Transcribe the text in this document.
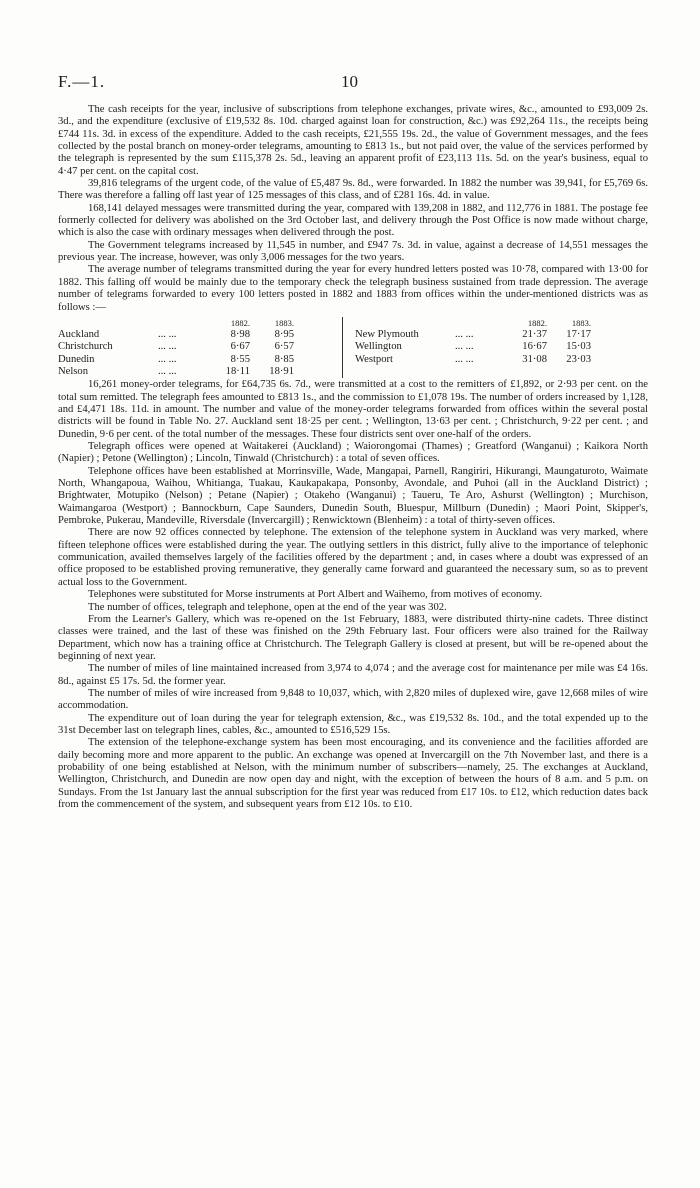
F.—1.	10

The cash receipts for the year, inclusive of subscriptions from telephone exchanges, private wires, &c., amounted to £93,009 2s. 3d., and the expenditure (exclusive of £19,532 8s. 10d. charged against loan for construction, &c.) was £92,264 11s., the receipts being £744 11s. 3d. in excess of the expenditure. Added to the cash receipts, £21,555 19s. 2d., the value of Government messages, and the fees collected by the postal branch on money-order telegrams, amounting to £813 1s., but not paid over, the value of the services performed by the telegraph is represented by the sum £115,378 2s. 5d., leaving an apparent profit of £23,113 11s. 5d. on the year's business, equal to 4·47 per cent. on the capital cost.

39,816 telegrams of the urgent code, of the value of £5,487 9s. 8d., were forwarded. In 1882 the number was 39,941, for £5,769 6s. There was therefore a falling off last year of 125 messages of this class, and of £281 16s. 4d. in value.

168,141 delayed messages were transmitted during the year, compared with 139,208 in 1882, and 112,776 in 1881. The postage fee formerly collected for delivery was abolished on the 3rd October last, and delivery through the Post Office is now made without charge, which is also the case with ordinary messages when delivered through the post.

The Government telegrams increased by 11,545 in number, and £947 7s. 3d. in value, against a decrease of 14,551 messages the previous year. The increase, however, was only 3,006 messages for the two years.

The average number of telegrams transmitted during the year for every hundred letters posted was 10·78, compared with 13·00 for 1882. This falling off would be mainly due to the temporary check the telegraph business sustained from trade depression. The average number of telegrams forwarded to every 100 letters posted in 1882 and 1883 from offices within the under-mentioned districts was as follows :—

1882.	1883.
Auckland	... ...	8·98	8·95
Christchurch	... ...	6·67	6·57
Dunedin	... ...	8·55	8·85
Nelson	... ...	18·11	18·91
1882.	1883.
New Plymouth	... ...	21·37	17·17
Wellington	... ...	16·67	15·03
Westport	... ...	31·08	23·03

16,261 money-order telegrams, for £64,735 6s. 7d., were transmitted at a cost to the remitters of £1,892, or 2·93 per cent. on the total sum remitted. The telegraph fees amounted to £813 1s., and the commission to £1,078 19s. The number of orders increased by 1,128, and £4,471 18s. 11d. in amount. The number and value of the money-order telegrams forwarded from offices within the several postal districts will be found in Table No. 27. Auckland sent 18·25 per cent. ; Wellington, 13·63 per cent. ; Christchurch, 9·22 per cent. ; and Dunedin, 9·6 per cent. of the total number of the messages. These four districts sent over one-half of the orders.

Telegraph offices were opened at Waitakerei (Auckland) ; Waiorongomai (Thames) ; Greatford (Wanganui) ; Kaikora North (Napier) ; Petone (Wellington) ; Lincoln, Tinwald (Christchurch) : a total of seven offices.

Telephone offices have been established at Morrinsville, Wade, Mangapai, Parnell, Rangiriri, Hikurangi, Maungaturoto, Waimate North, Whangapoua, Waihou, Whitianga, Tuakau, Kaukapakapa, Ponsonby, Avondale, and Puhoi (all in the Auckland District) ; Brightwater, Motupiko (Nelson) ; Petane (Napier) ; Otakeho (Wanganui) ; Taueru, Te Aro, Ashurst (Wellington) ; Murchison, Waimangaroa (Westport) ; Bannockburn, Cape Saunders, Dunedin South, Bluespur, Millburn (Dunedin) ; Maori Point, Skipper's, Pembroke, Pukerau, Mandeville, Riversdale (Invercargill) ; Renwicktown (Blenheim) : a total of thirty-seven offices.

There are now 92 offices connected by telephone. The extension of the telephone system in Auckland was very marked, where fifteen telephone offices were established during the year. The outlying settlers in this district, fully alive to the importance of telephonic communication, availed themselves largely of the facilities offered by the department ; and, in cases where a doubt was expressed of an office proposed to be established proving remunerative, they generally came forward and guaranteed the necessary sum, so as to prevent actual loss to the Government.

Telephones were substituted for Morse instruments at Port Albert and Waihemo, from motives of economy.

The number of offices, telegraph and telephone, open at the end of the year was 302.

From the Learner's Gallery, which was re-opened on the 1st February, 1883, were distributed thirty-nine cadets. Three distinct classes were trained, and the last of these was finished on the 29th February last. Four officers were also trained for the Railway Department, which now has a training office at Christchurch. The Telegraph Gallery is closed at present, but will be re-opened about the beginning of next year.

The number of miles of line maintained increased from 3,974 to 4,074 ; and the average cost for maintenance per mile was £4 16s. 8d., against £5 17s. 5d. the former year.

The number of miles of wire increased from 9,848 to 10,037, which, with 2,820 miles of duplexed wire, gave 12,668 miles of wire accommodation.

The expenditure out of loan during the year for telegraph extension, &c., was £19,532 8s. 10d., and the total expended up to the 31st December last on telegraph lines, cables, &c., amounted to £516,529 15s.

The extension of the telephone-exchange system has been most encouraging, and its convenience and the facilities afforded are daily becoming more and more apparent to the public. An exchange was opened at Invercargill on the 7th November last, and there is a probability of one being established at Nelson, with the minimum number of subscribers—namely, 25. The exchanges at Auckland, Wellington, Christchurch, and Dunedin are now open day and night, with the exception of between the hours of 8 a.m. and 5 p.m. on Sundays. From the 1st January last the annual subscription for the first year was reduced from £17 10s. to £12, which reduction dates back from the commencement of the system, and subsequent years from £12 10s. to £10.
